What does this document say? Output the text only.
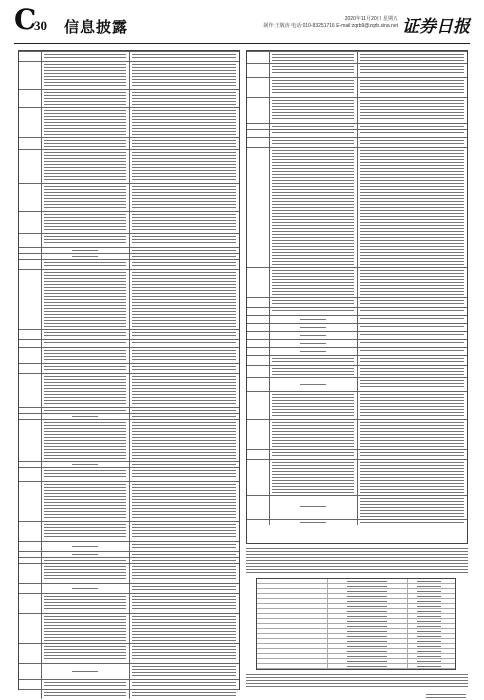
C
30 信息披露	2020年11月20日 星期五
制作:王敬涛 电话:010-83251716 E-mail:zqrb9@zqrb.sina.net 证券日报
